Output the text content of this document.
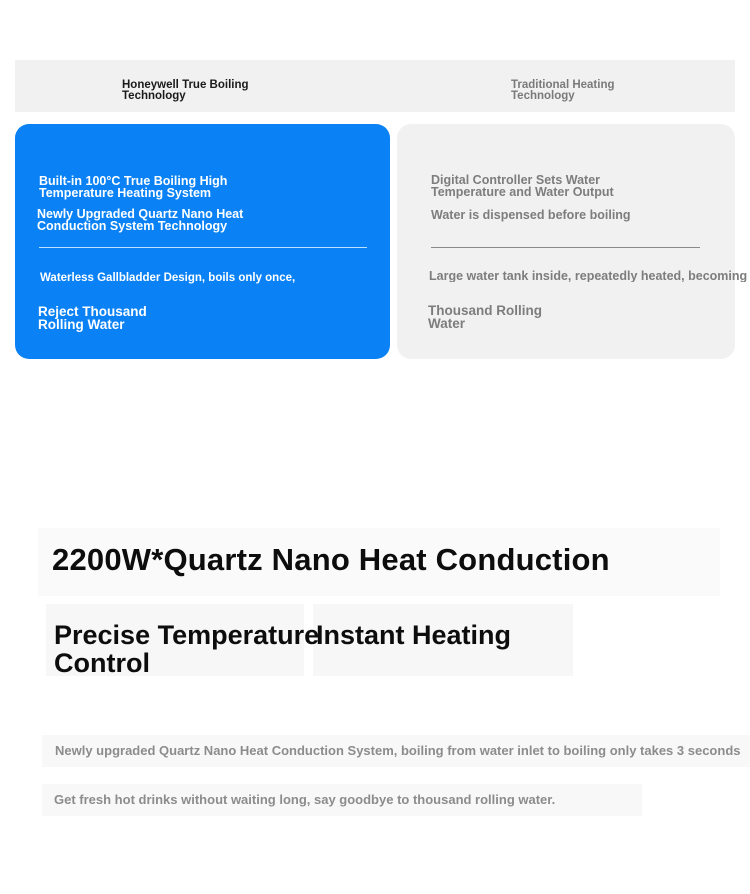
Honeywell True Boiling
Technology
Traditional Heating
Technology
Built-in 100°C True Boiling High
Temperature Heating System
Newly Upgraded Quartz Nano Heat
Conduction System Technology
Waterless Gallbladder Design, boils only once,
Reject Thousand
Rolling Water
Digital Controller Sets Water
Temperature and Water Output
Water is dispensed before boiling
Large water tank inside, repeatedly heated, becoming
Thousand Rolling
Water
2200W*Quartz Nano Heat Conduction
Precise Temperature
Control
Instant Heating
Newly upgraded Quartz Nano Heat Conduction System, boiling from water inlet to boiling only takes 3 seconds
Get fresh hot drinks without waiting long, say goodbye to thousand rolling water.
